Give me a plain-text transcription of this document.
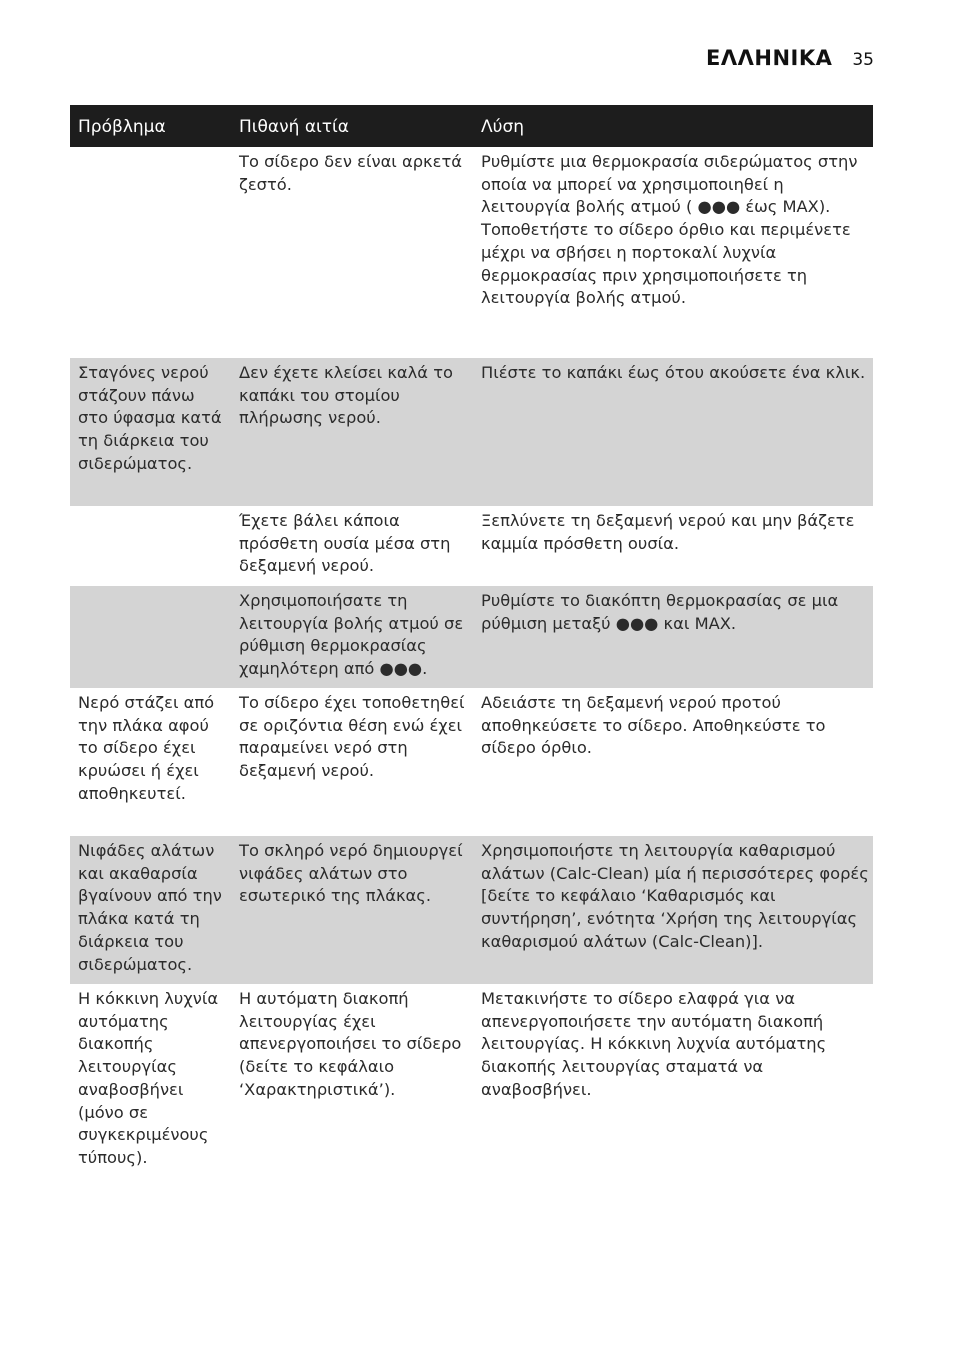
ΕΛΛΗΝΙΚΑ 35
Πρόβλημα	Πιθανή αιτία	Λύση
Το σίδερο δεν είναι αρκετά ζεστό.
Ρυθμίστε μια θερμοκρασία σιδερώματος στην οποία να μπορεί να χρησιμοποιηθεί η λειτουργία βολής ατμού ( ●●● έως MAX). Τοποθετήστε το σίδερο όρθιο και περιμένετε μέχρι να σβήσει η πορτοκαλί λυχνία θερμοκρασίας πριν χρησιμοποιήσετε τη λειτουργία βολής ατμού.
Σταγόνες νερού στάζουν πάνω στο ύφασμα κατά τη διάρκεια του σιδερώματος.
Δεν έχετε κλείσει καλά το καπάκι του στομίου πλήρωσης νερού.
Πιέστε το καπάκι έως ότου ακούσετε ένα κλικ.
Έχετε βάλει κάποια πρόσθετη ουσία μέσα στη δεξαμενή νερού.
Ξεπλύνετε τη δεξαμενή νερού και μην βάζετε καμμία πρόσθετη ουσία.
Χρησιμοποιήσατε τη λειτουργία βολής ατμού σε ρύθμιση θερμοκρασίας χαμηλότερη από ●●●.
Ρυθμίστε το διακόπτη θερμοκρασίας σε μια ρύθμιση μεταξύ ●●● και MAX.
Νερό στάζει από την πλάκα αφού το σίδερο έχει κρυώσει ή έχει αποθηκευτεί.
Το σίδερο έχει τοποθετηθεί σε οριζόντια θέση ενώ έχει παραμείνει νερό στη δεξαμενή νερού.
Αδειάστε τη δεξαμενή νερού προτού αποθηκεύσετε το σίδερο. Αποθηκεύστε το σίδερο όρθιο.
Νιφάδες αλάτων και ακαθαρσία βγαίνουν από την πλάκα κατά τη διάρκεια του σιδερώματος.
Το σκληρό νερό δημιουργεί νιφάδες αλάτων στο εσωτερικό της πλάκας.
Χρησιμοποιήστε τη λειτουργία καθαρισμού αλάτων (Calc-Clean) μία ή περισσότερες φορές [δείτε το κεφάλαιο ‘Καθαρισμός και συντήρηση’, ενότητα ‘Χρήση της λειτουργίας καθαρισμού αλάτων (Calc-Clean)].
Η κόκκινη λυχνία αυτόματης διακοπής λειτουργίας αναβοσβήνει (μόνο σε συγκεκριμένους τύπους).
Η αυτόματη διακοπή λειτουργίας έχει απενεργοποιήσει το σίδερο (δείτε το κεφάλαιο ‘Χαρακτηριστικά’).
Μετακινήστε το σίδερο ελαφρά για να απενεργοποιήσετε την αυτόματη διακοπή λειτουργίας. Η κόκκινη λυχνία αυτόματης διακοπής λειτουργίας σταματά να αναβοσβήνει.
